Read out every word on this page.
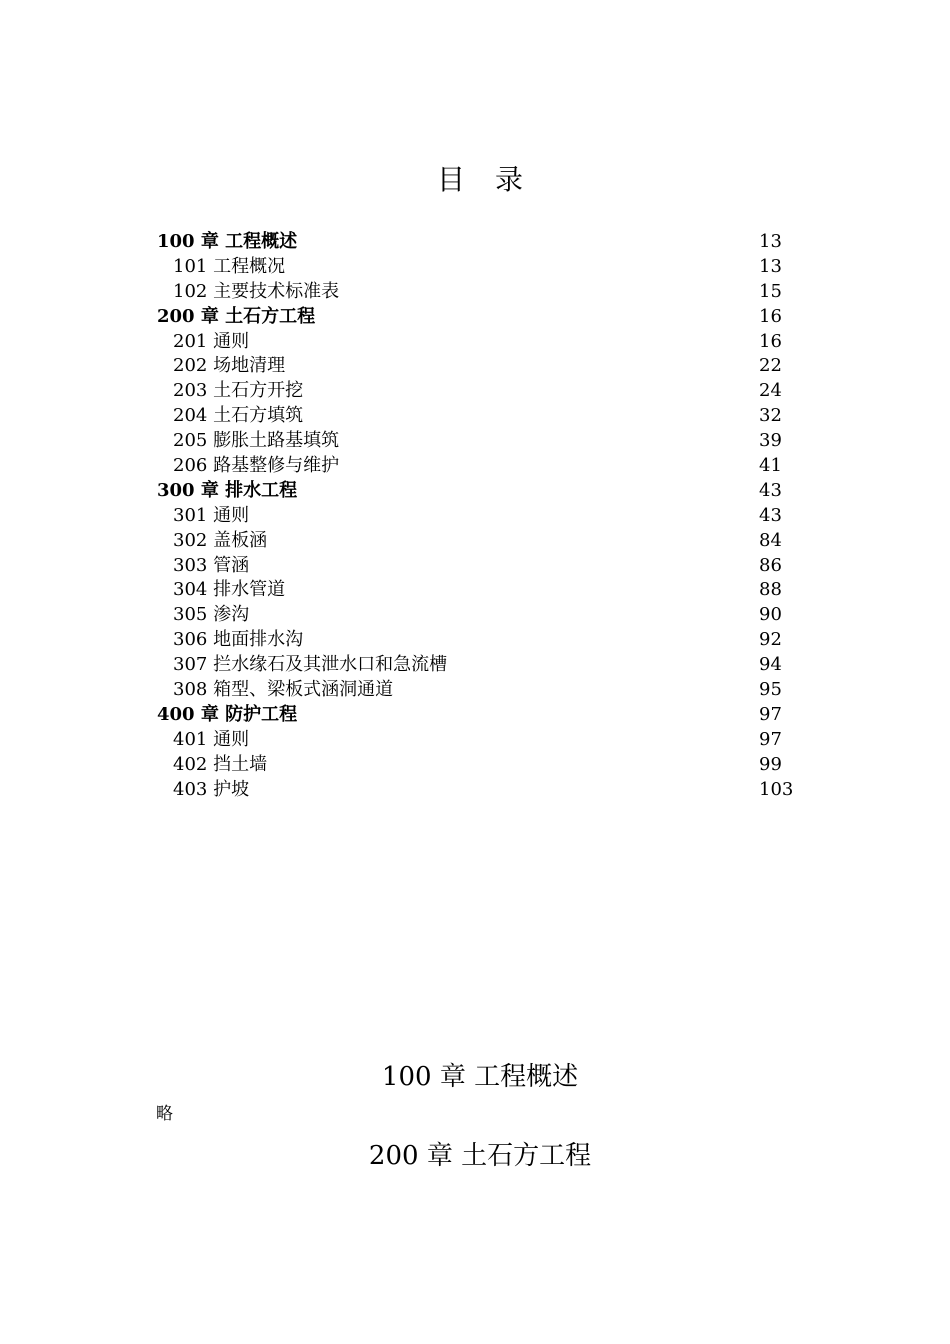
目 录
100 章 工程概述	13
101 工程概况	13
102 主要技术标准表	15
200 章 土石方工程	16
201 通则	16
202 场地清理	22
203 土石方开挖	24
204 土石方填筑	32
205 膨胀土路基填筑	39
206 路基整修与维护	41
300 章 排水工程	43
301 通则	43
302 盖板涵	84
303 管涵	86
304 排水管道	88
305 渗沟	90
306 地面排水沟	92
307 拦水缘石及其泄水口和急流槽	94
308 箱型、梁板式涵洞通道	95
400 章 防护工程	97
401 通则	97
402 挡土墙	99
403 护坡	103
100 章 工程概述
略
200 章 土石方工程
